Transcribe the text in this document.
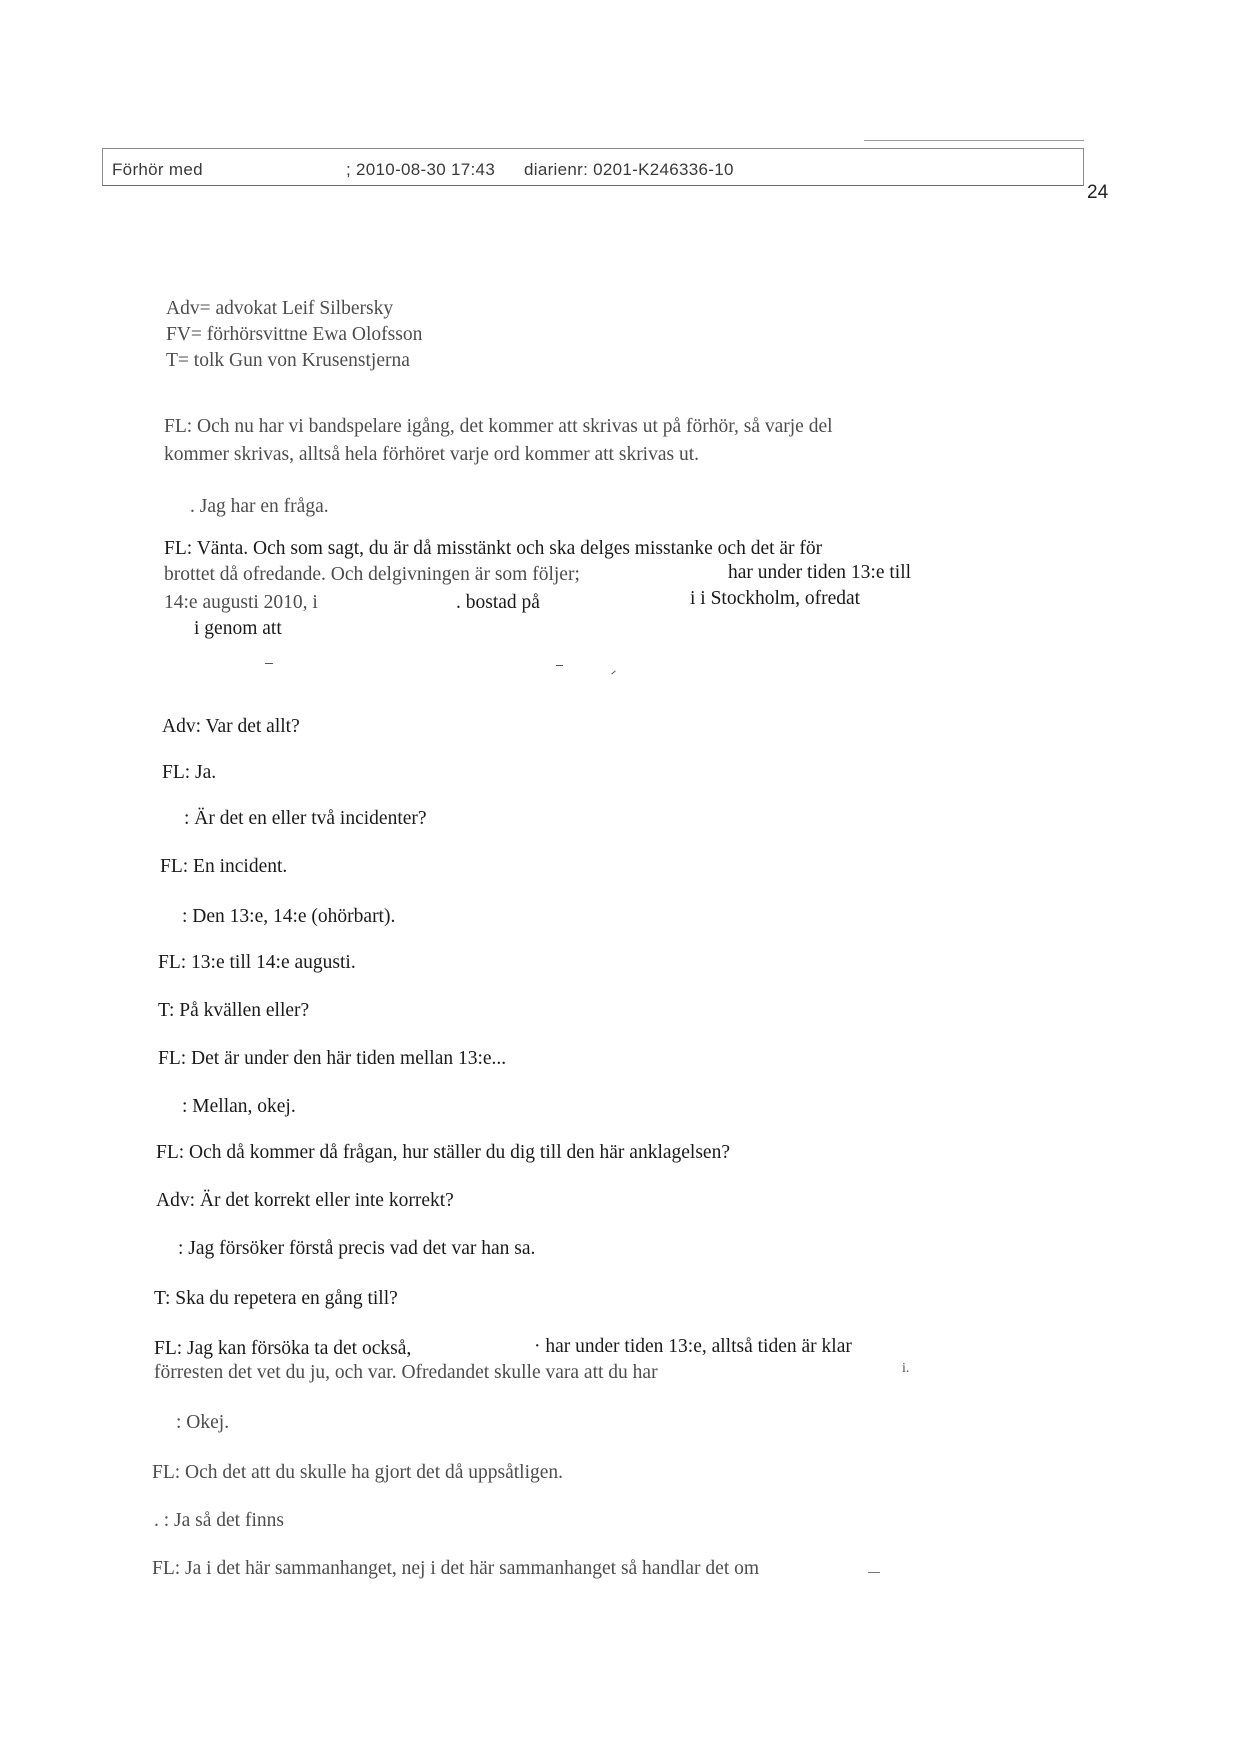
Förhör med	; 2010-08-30 17:43 diarienr: 0201-K246336-10
24
Adv= advokat Leif Silbersky
FV= förhörsvittne Ewa Olofsson
T= tolk Gun von Krusenstjerna
FL: Och nu har vi bandspelare igång, det kommer att skrivas ut på förhör, så varje del
kommer skrivas, alltså hela förhöret varje ord kommer att skrivas ut.
. Jag har en fråga.
FL: Vänta. Och som sagt, du är då misstänkt och ska delges misstanke och det är för
brottet då ofredande. Och delgivningen är som följer;	har under tiden 13:e till
14:e augusti 2010, i	. bostad på	i i Stockholm, ofredat
i genom att
Adv: Var det allt?
FL: Ja.
: Är det en eller två incidenter?
FL: En incident.
: Den 13:e, 14:e (ohörbart).
FL: 13:e till 14:e augusti.
T: På kvällen eller?
FL: Det är under den här tiden mellan 13:e...
: Mellan, okej.
FL: Och då kommer då frågan, hur ställer du dig till den här anklagelsen?
Adv: Är det korrekt eller inte korrekt?
: Jag försöker förstå precis vad det var han sa.
T: Ska du repetera en gång till?
FL: Jag kan försöka ta det också,	· har under tiden 13:e, alltså tiden är klar
förresten det vet du ju, och var. Ofredandet skulle vara att du har	i.
: Okej.
FL: Och det att du skulle ha gjort det då uppsåtligen.
. : Ja så det finns
FL: Ja i det här sammanhanget, nej i det här sammanhanget så handlar det om
